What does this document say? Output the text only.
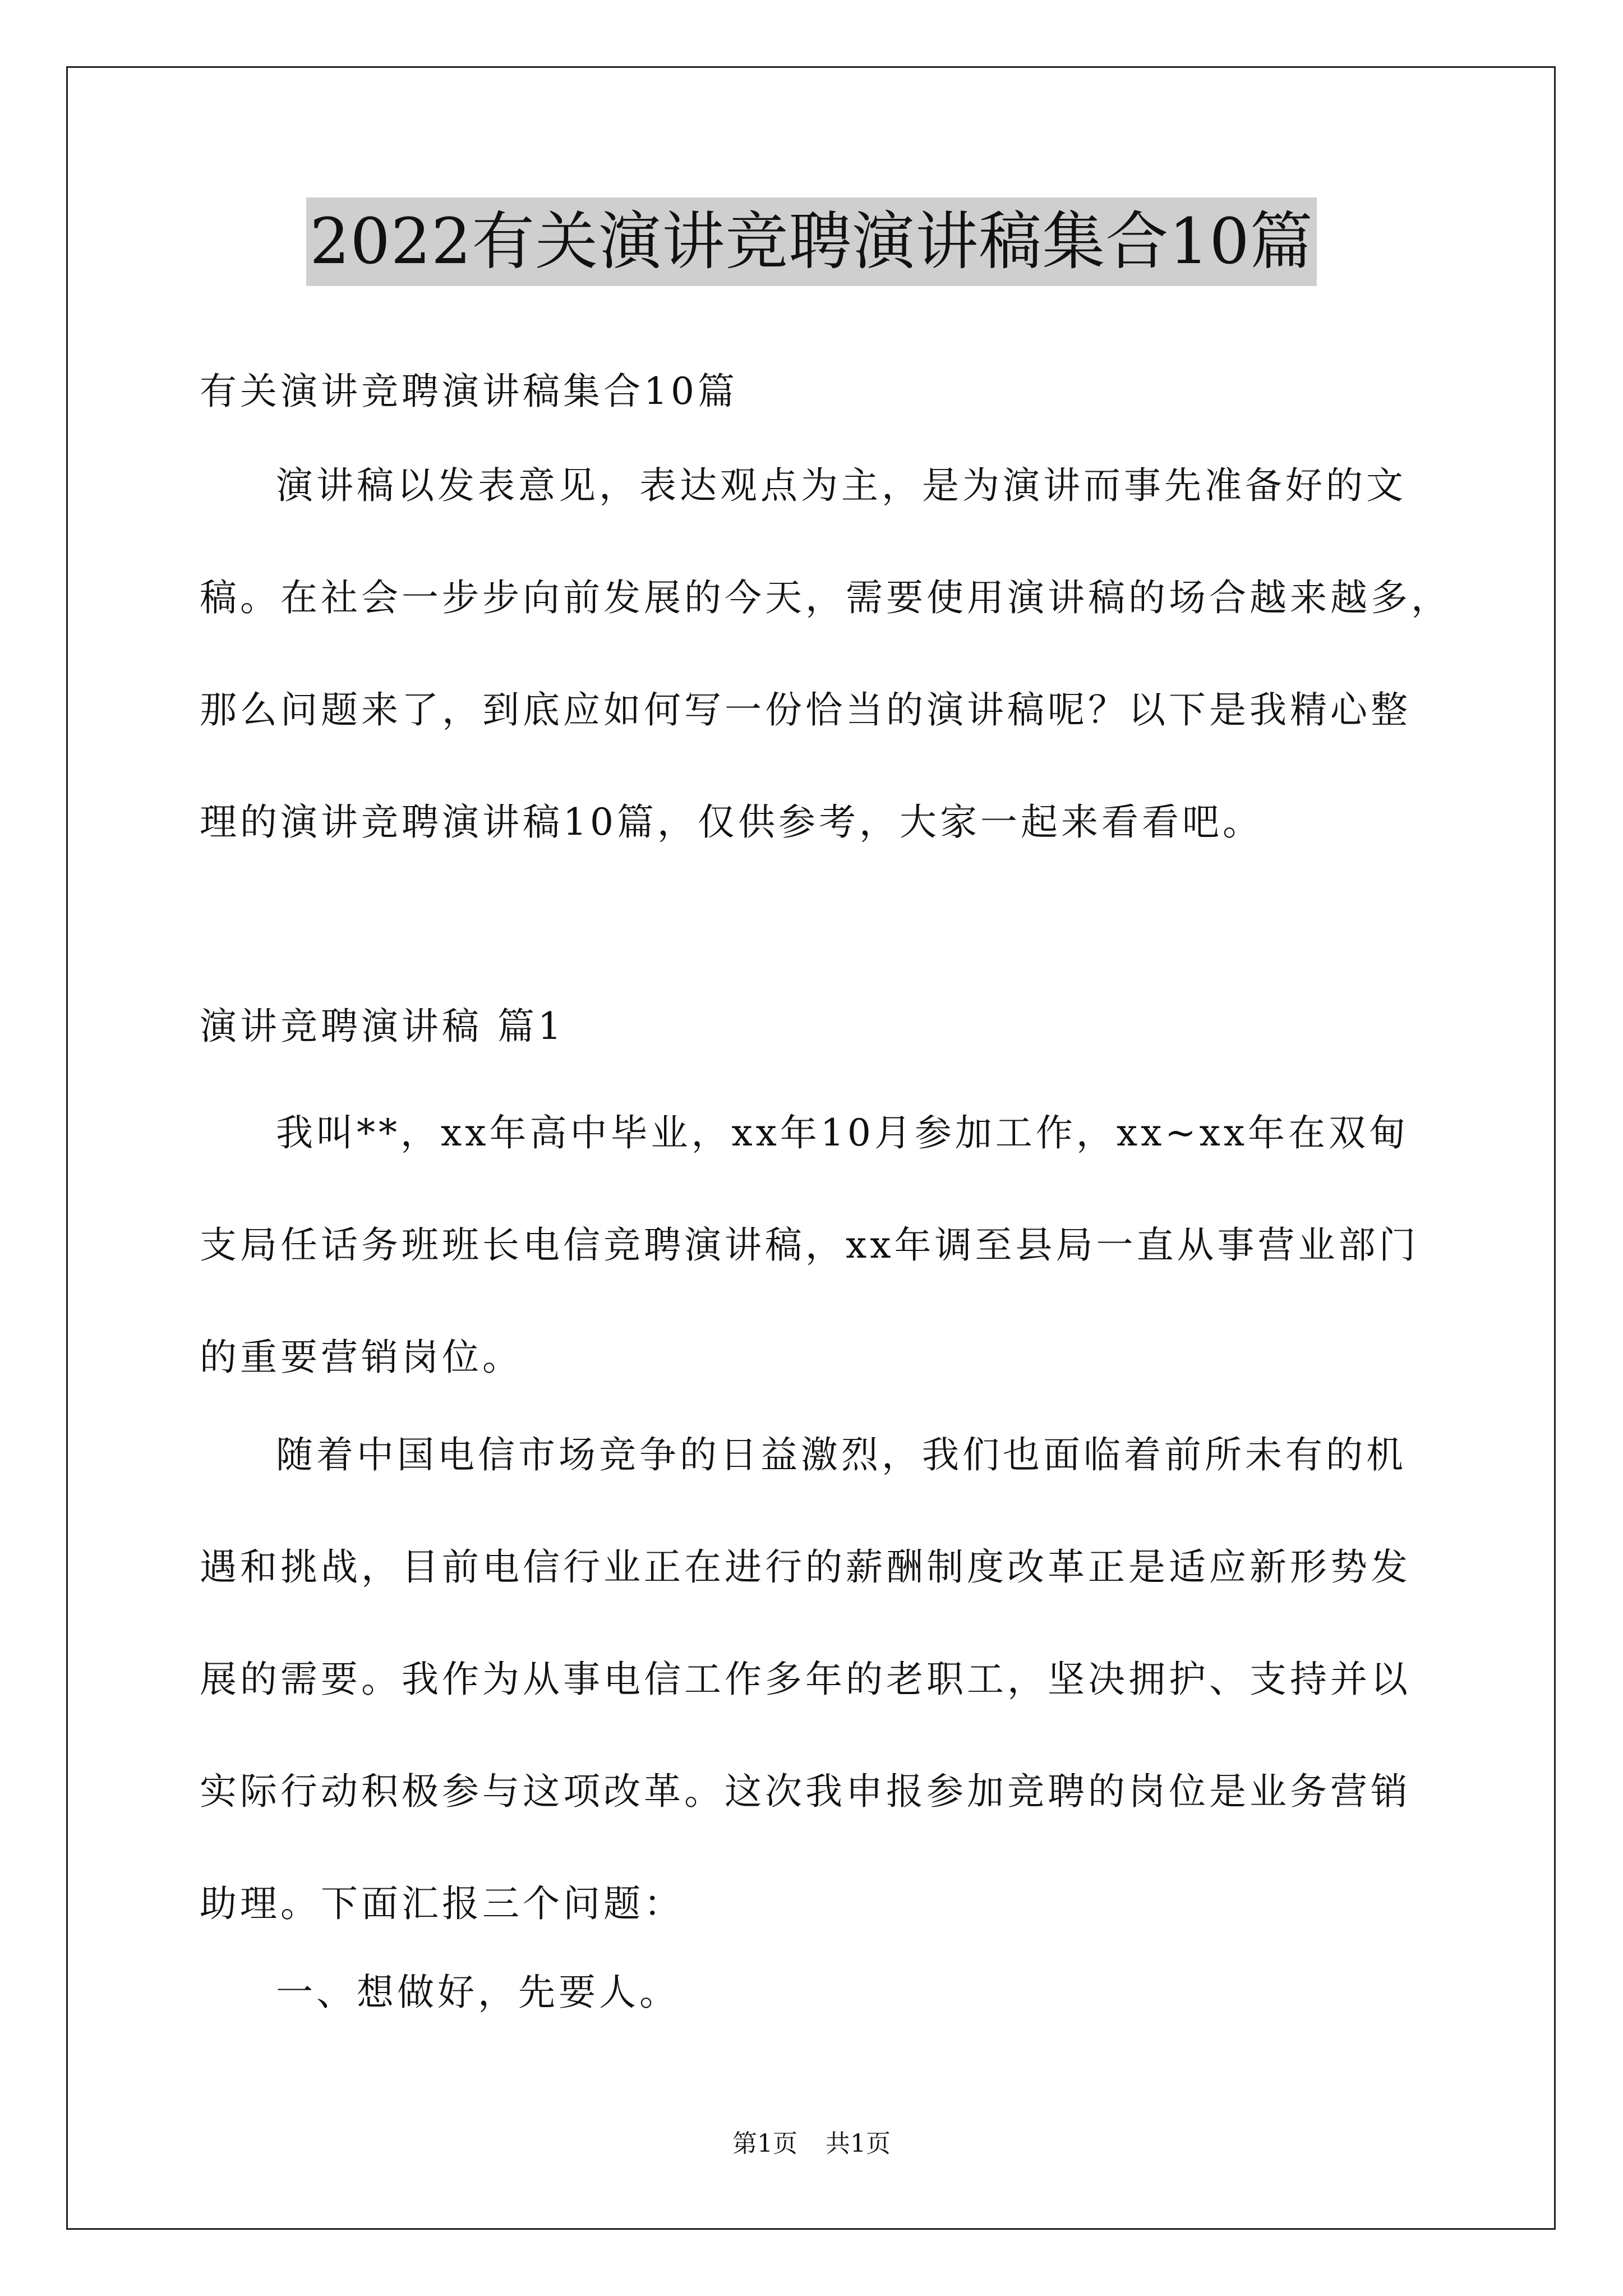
2022有关演讲竞聘演讲稿集合10篇
有关演讲竞聘演讲稿集合10篇
演讲稿以发表意见，表达观点为主，是为演讲而事先准备好的文
稿。在社会一步步向前发展的今天，需要使用演讲稿的场合越来越多，
那么问题来了，到底应如何写一份恰当的演讲稿呢？以下是我精心整
理的演讲竞聘演讲稿10篇，仅供参考，大家一起来看看吧。
演讲竞聘演讲稿 篇1
我叫**，xx年高中毕业，xx年10月参加工作，xx~xx年在双甸
支局任话务班班长电信竞聘演讲稿，xx年调至县局一直从事营业部门
的重要营销岗位。
随着中国电信市场竞争的日益激烈，我们也面临着前所未有的机
遇和挑战，目前电信行业正在进行的薪酬制度改革正是适应新形势发
展的需要。我作为从事电信工作多年的老职工，坚决拥护、支持并以
实际行动积极参与这项改革。这次我申报参加竞聘的岗位是业务营销
助理。下面汇报三个问题：
一、想做好，先要人。
第1页 共1页
